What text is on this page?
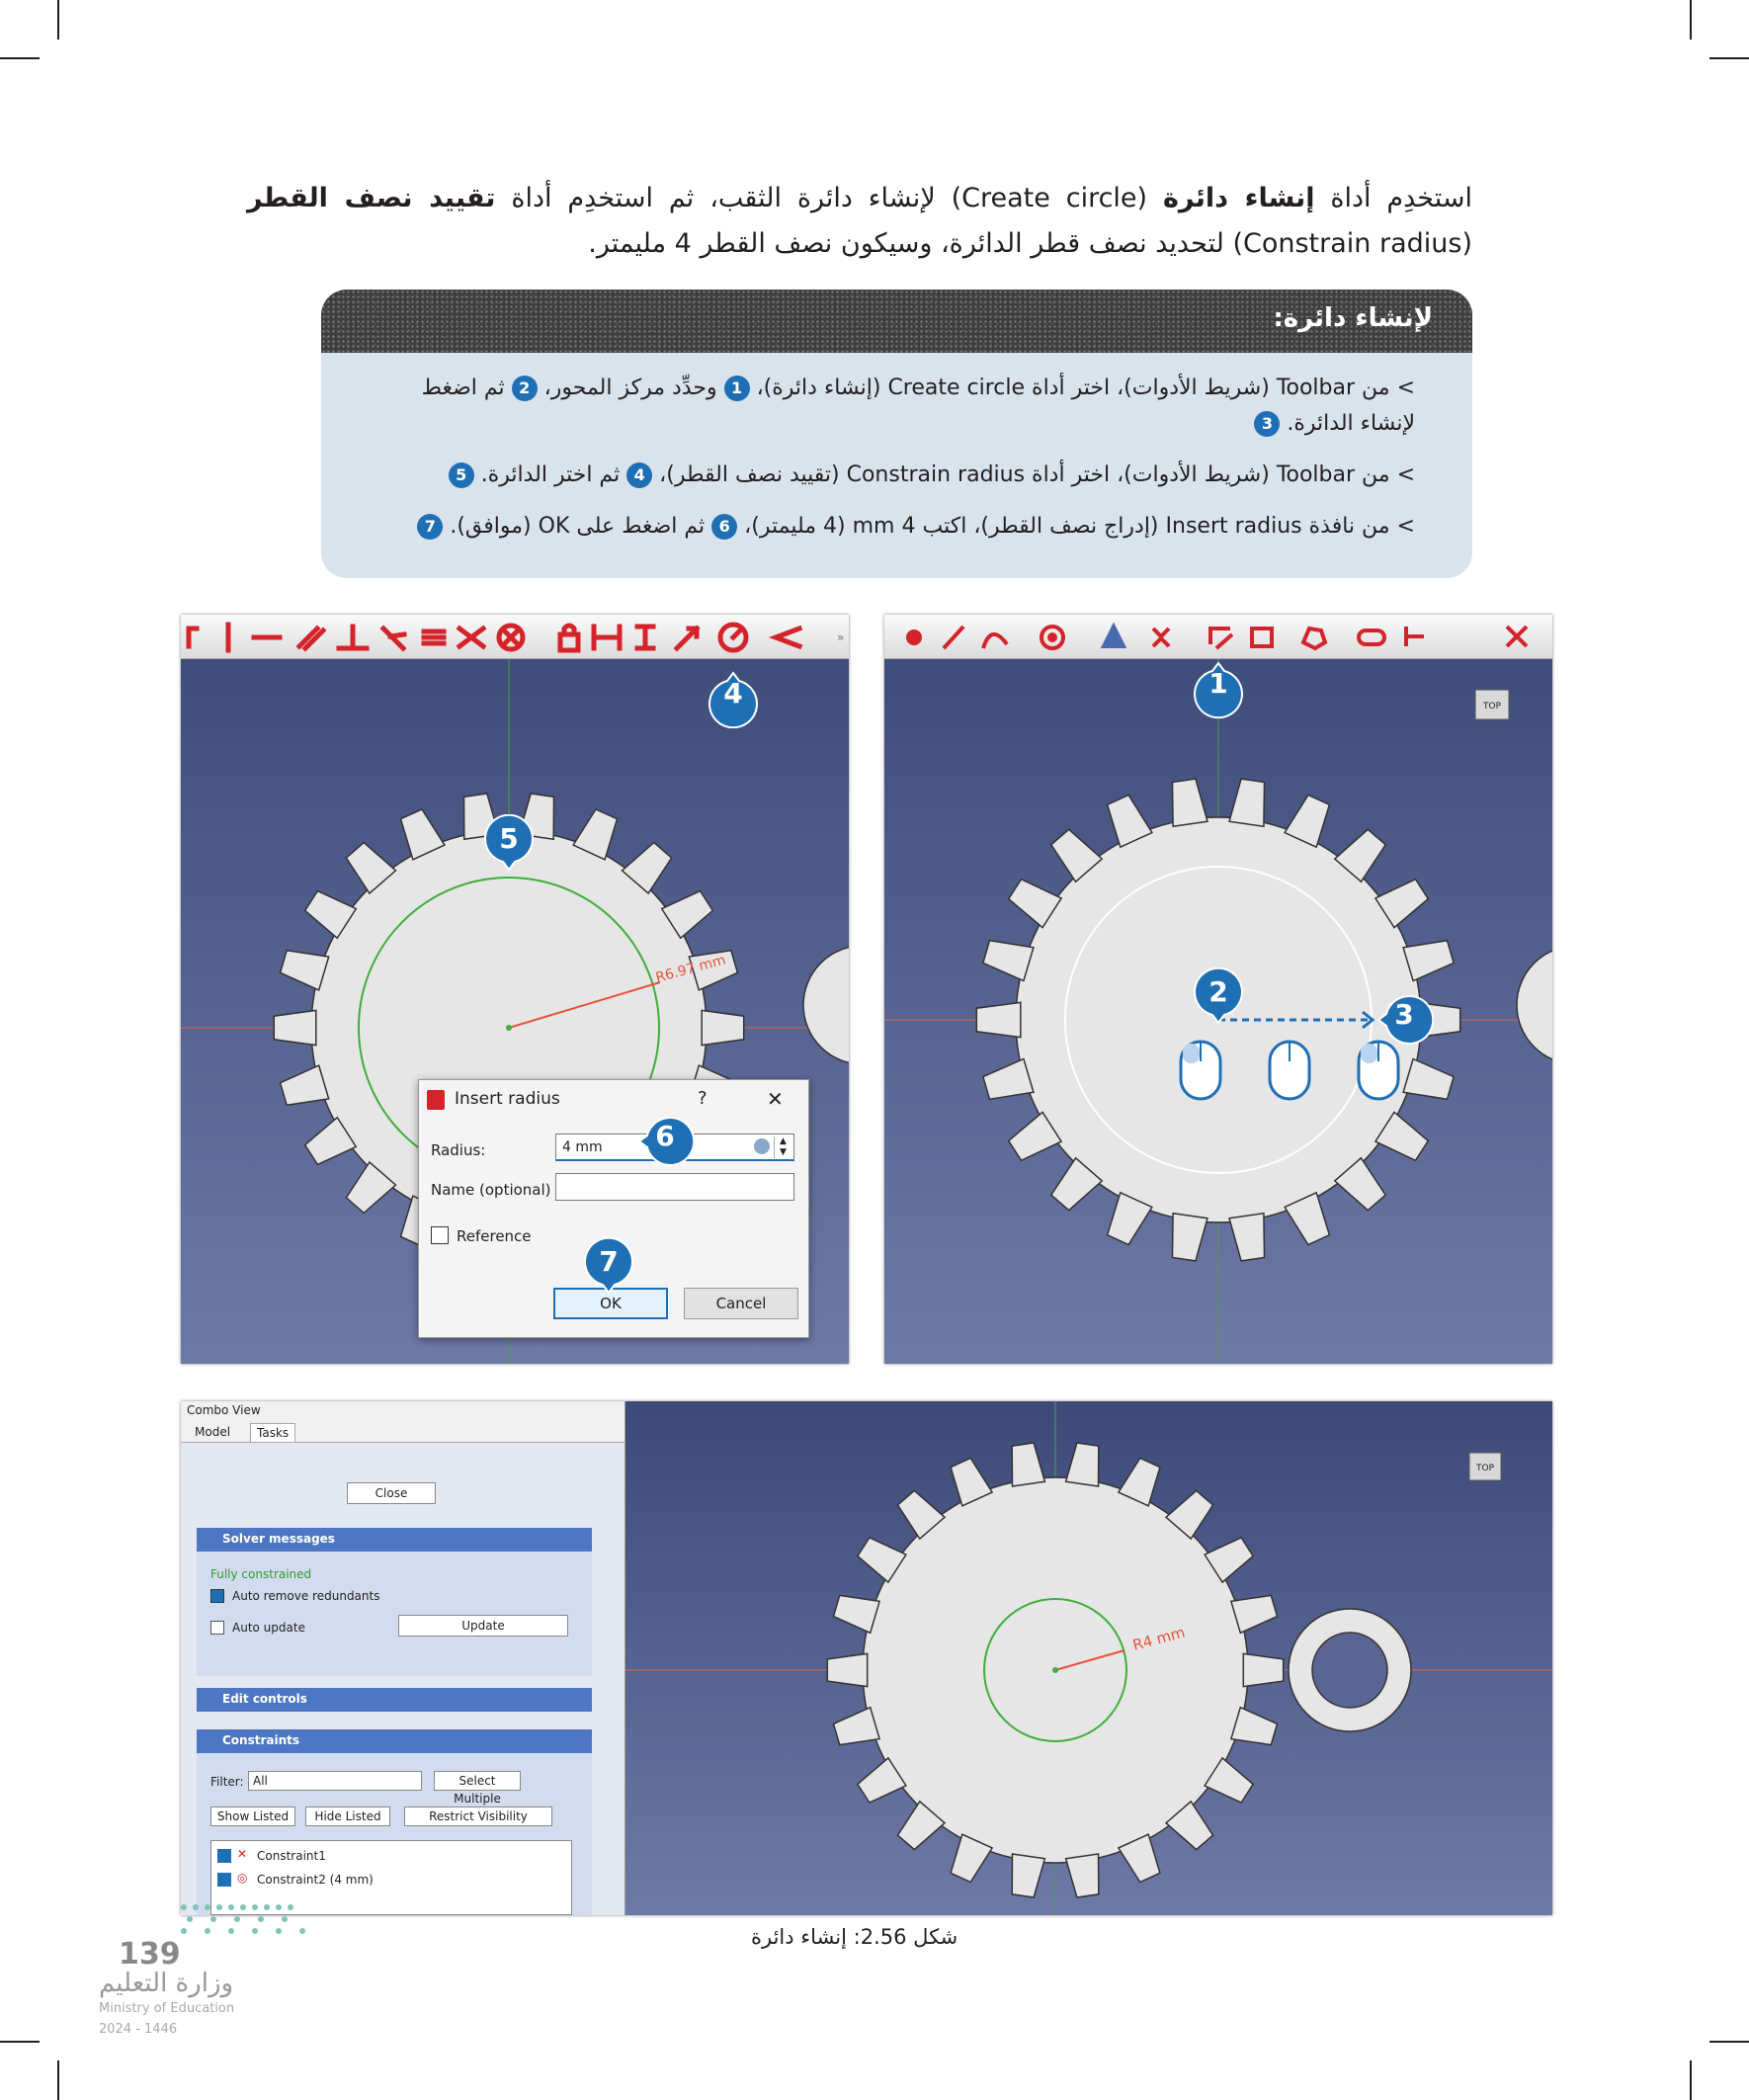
استخدِم أداة إنشاء دائرة (Create circle) لإنشاء دائرة الثقب، ثم استخدِم أداة تقييد نصف القطر (Constrain radius) لتحديد نصف قطر الدائرة، وسيكون نصف القطر 4 مليمتر.
لإنشاء دائرة:
> من Toolbar (شريط الأدوات)، اختر أداة Create circle (إنشاء دائرة)، 1 وحدِّد مركز المحور، 2 ثم اضغط لإنشاء الدائرة. 3
> من Toolbar (شريط الأدوات)، اختر أداة Constrain radius (تقييد نصف القطر)، 4 ثم اختر الدائرة. 5
> من نافذة Insert radius (إدراج نصف القطر)، اكتب 4 mm (4 مليمتر)، 6 ثم اضغط على OK (موافق). 7
»
R6.97 mm
4
5
Insert radius	?	✕
Radius:	4 mm	▲
▼
Name (optional)
Reference
OK	Cancel
6
7
TOP
1
2
3
R4 mm
TOP
Combo View
Model	Tasks
Close
Solver messages
Fully constrained
Auto remove redundants
Auto update	Update
Edit controls
Constraints
Filter: All	Select Multiple
Show Listed	Hide Listed	Restrict Visibility
✕ Constraint1
◎ Constraint2 (4 mm)
شكل 2.56: إنشاء دائرة
139
وزارة التعليم
Ministry of Education
2024 - 1446
